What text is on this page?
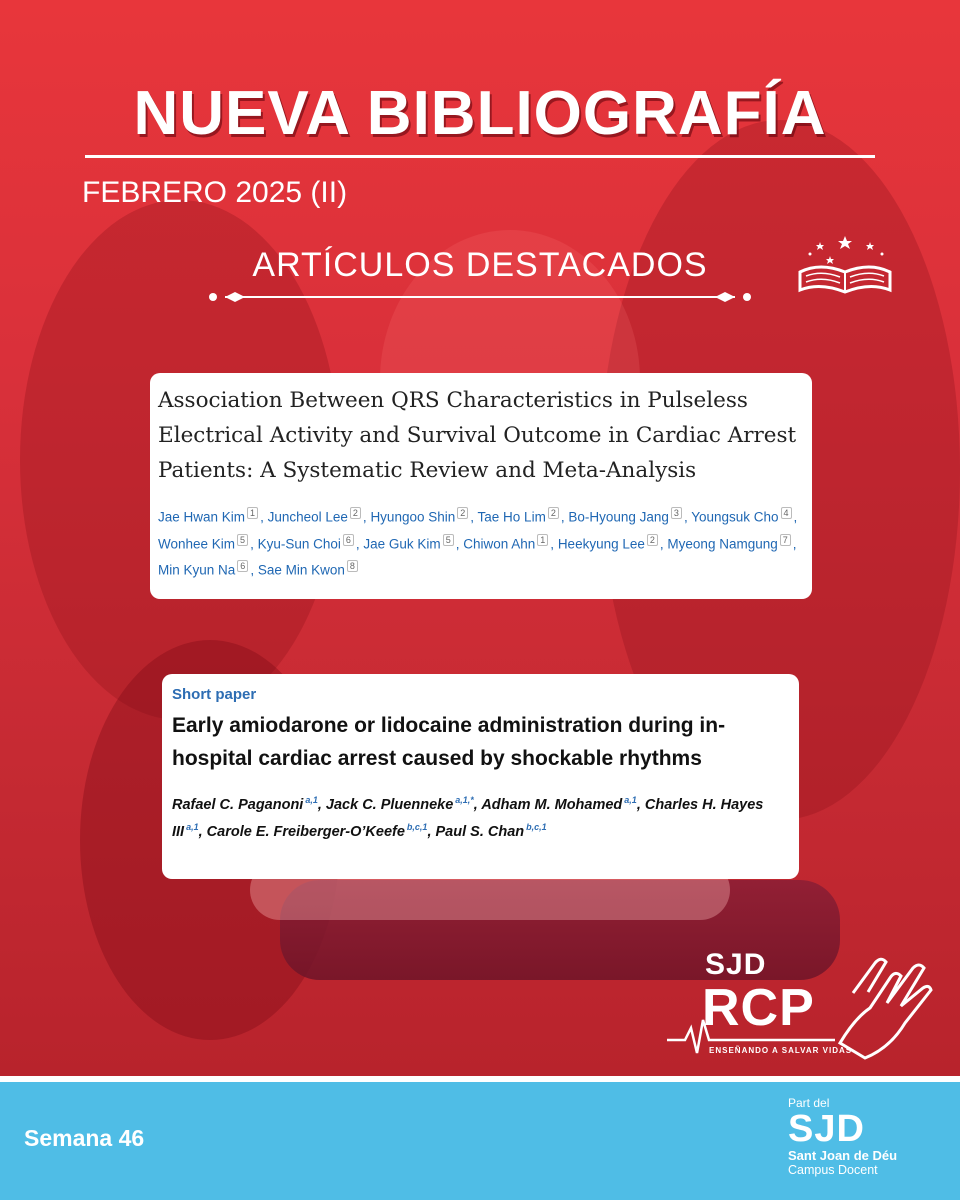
NUEVA BIBLIOGRAFÍA
FEBRERO 2025 (II)
ARTÍCULOS DESTACADOS
Association Between QRS Characteristics in Pulseless Electrical Activity and Survival Outcome in Cardiac Arrest Patients: A Systematic Review and Meta-Analysis
Jae Hwan Kim $^1$ , Juncheol Lee $^2$ , Hyungoo Shin $^2$ , Tae Ho Lim $^2$ , Bo-Hyoung Jang $^3$ , Youngsuk Cho $^4$ , Wonhee Kim $^5$ , Kyu-Sun Choi $^6$ , Jae Guk Kim $^5$ , Chiwon Ahn $^1$ , Heekyung Lee $^2$ , Myeong Namgung $^7$ , Min Kyun Na $^6$ , Sae Min Kwon $^8$
Short paper
Early amiodarone or lidocaine administration during in-hospital cardiac arrest caused by shockable rhythms
Rafael C. Paganoni $^{a,1}$, Jack C. Pluenneke $^{a,1,*}$, Adham M. Mohamed $^{a,1}$, Charles H. Hayes III $^{a,1}$, Carole E. Freiberger-O’Keefe $^{b,c,1}$, Paul S. Chan $^{b,c,1}$
SJD
RCP
ENSEÑANDO A SALVAR VIDAS
Semana 46
Part del
SJD
Sant Joan de Déu
Campus Docent
